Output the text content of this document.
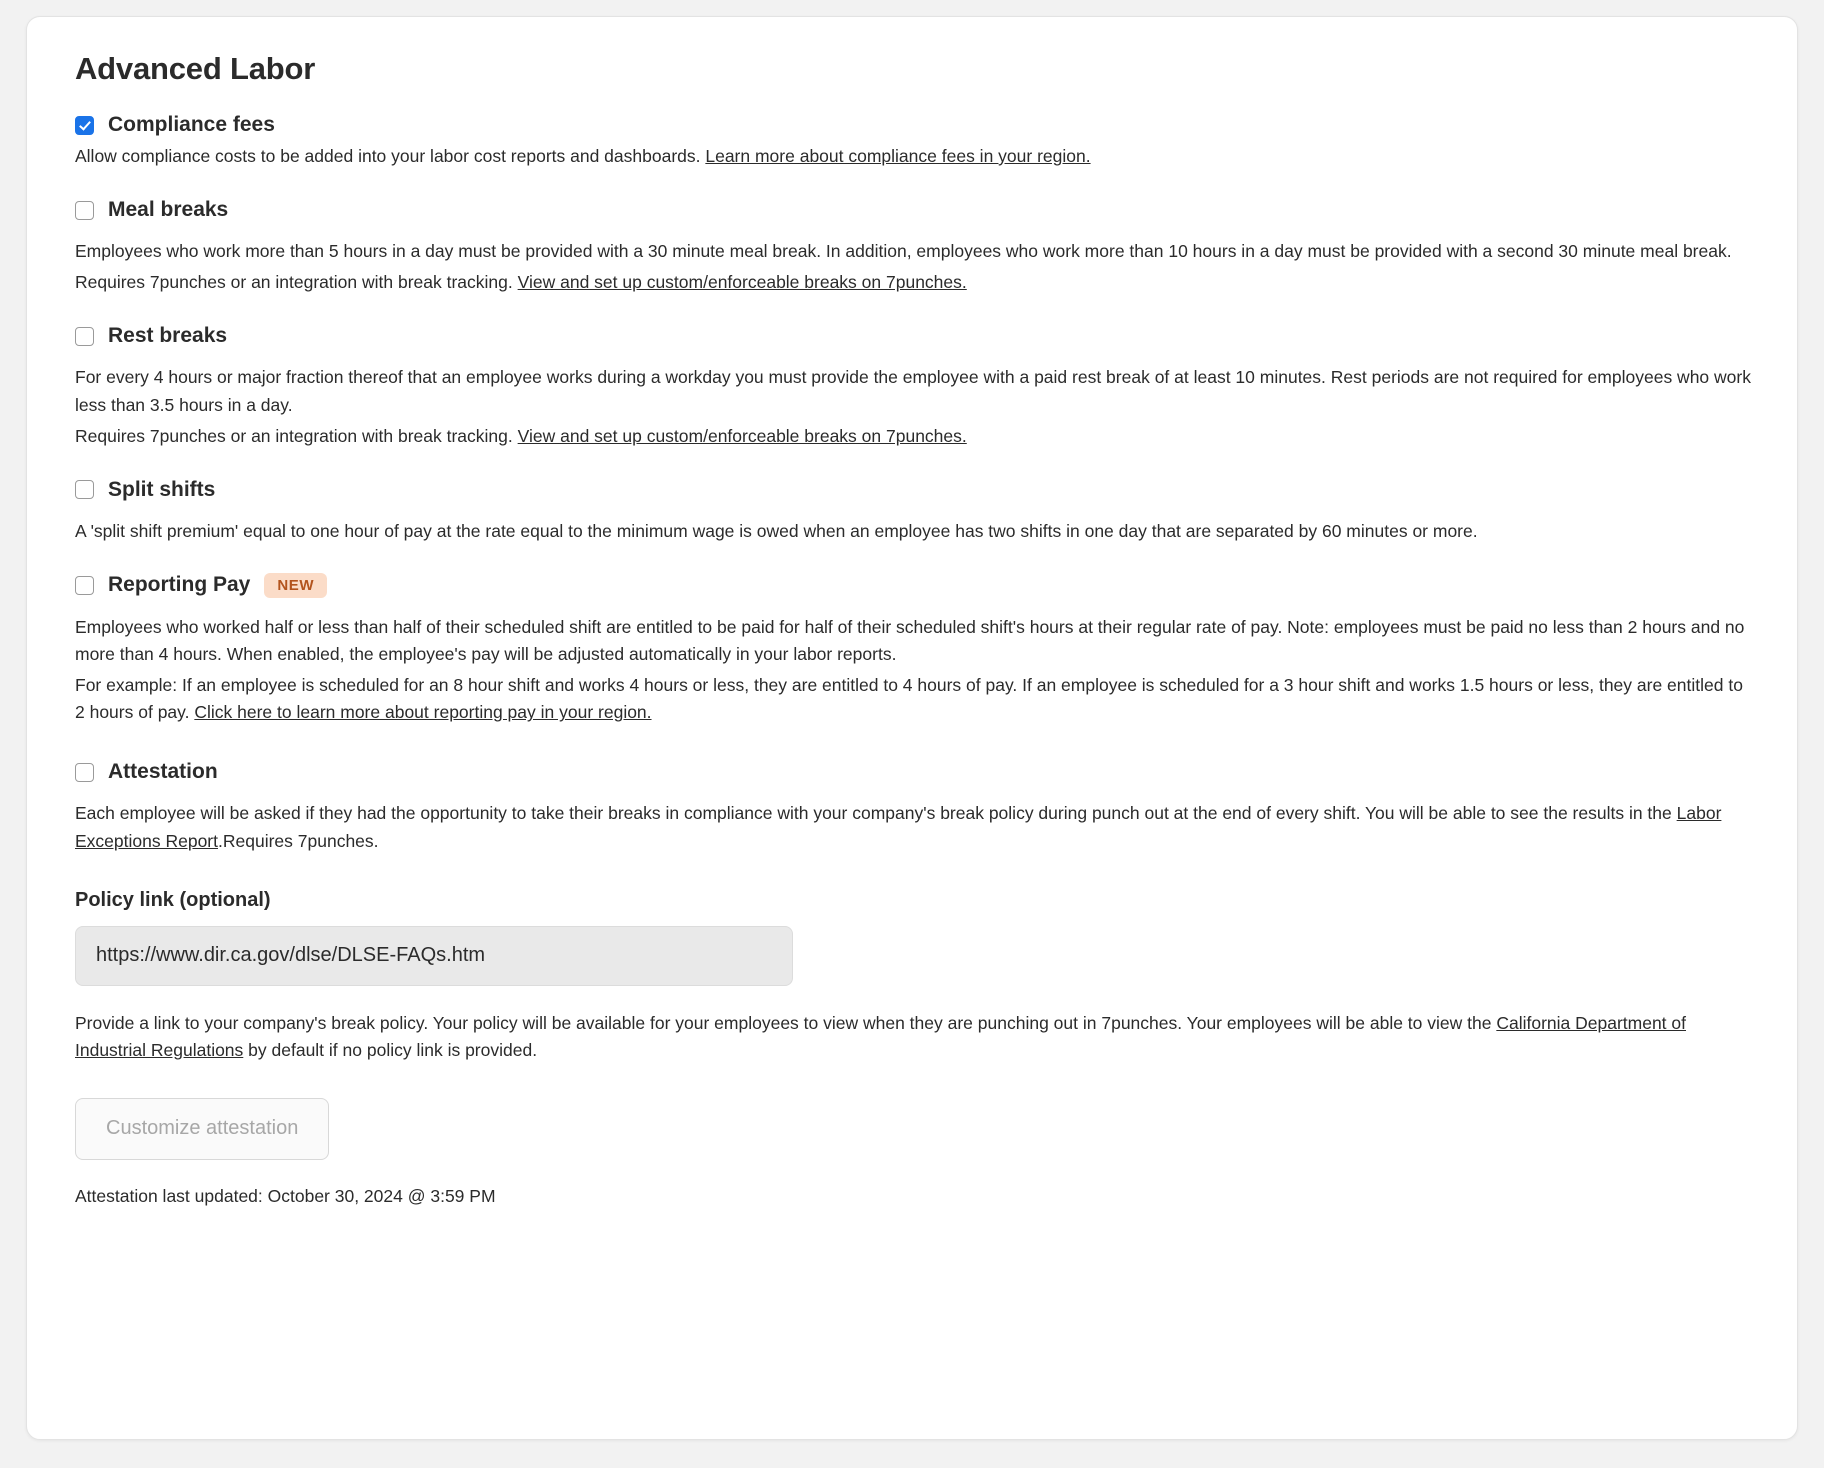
Advanced Labor
Compliance fees

Allow compliance costs to be added into your labor cost reports and dashboards. Learn more about compliance fees in your region.

Meal breaks

Employees who work more than 5 hours in a day must be provided with a 30 minute meal break. In addition, employees who work more than 10 hours in a day must be provided with a second 30 minute meal break.

Requires 7punches or an integration with break tracking. View and set up custom/enforceable breaks on 7punches.

Rest breaks

For every 4 hours or major fraction thereof that an employee works during a workday you must provide the employee with a paid rest break of at least 10 minutes. Rest periods are not required for employees who work less than 3.5 hours in a day.

Requires 7punches or an integration with break tracking. View and set up custom/enforceable breaks on 7punches.

Split shifts

A 'split shift premium' equal to one hour of pay at the rate equal to the minimum wage is owed when an employee has two shifts in one day that are separated by 60 minutes or more.

Reporting Pay	NEW

Employees who worked half or less than half of their scheduled shift are entitled to be paid for half of their scheduled shift's hours at their regular rate of pay. Note: employees must be paid no less than 2 hours and no more than 4 hours. When enabled, the employee's pay will be adjusted automatically in your labor reports.

For example: If an employee is scheduled for an 8 hour shift and works 4 hours or less, they are entitled to 4 hours of pay. If an employee is scheduled for a 3 hour shift and works 1.5 hours or less, they are entitled to 2 hours of pay. Click here to learn more about reporting pay in your region.

Attestation

Each employee will be asked if they had the opportunity to take their breaks in compliance with your company's break policy during punch out at the end of every shift. You will be able to see the results in the Labor Exceptions Report.Requires 7punches.

Policy link (optional)
https://www.dir.ca.gov/dlse/DLSE-FAQs.htm

Provide a link to your company's break policy. Your policy will be available for your employees to view when they are punching out in 7punches. Your employees will be able to view the California Department of Industrial Regulations by default if no policy link is provided.

Customize attestation
Attestation last updated: October 30, 2024 @ 3:59 PM
